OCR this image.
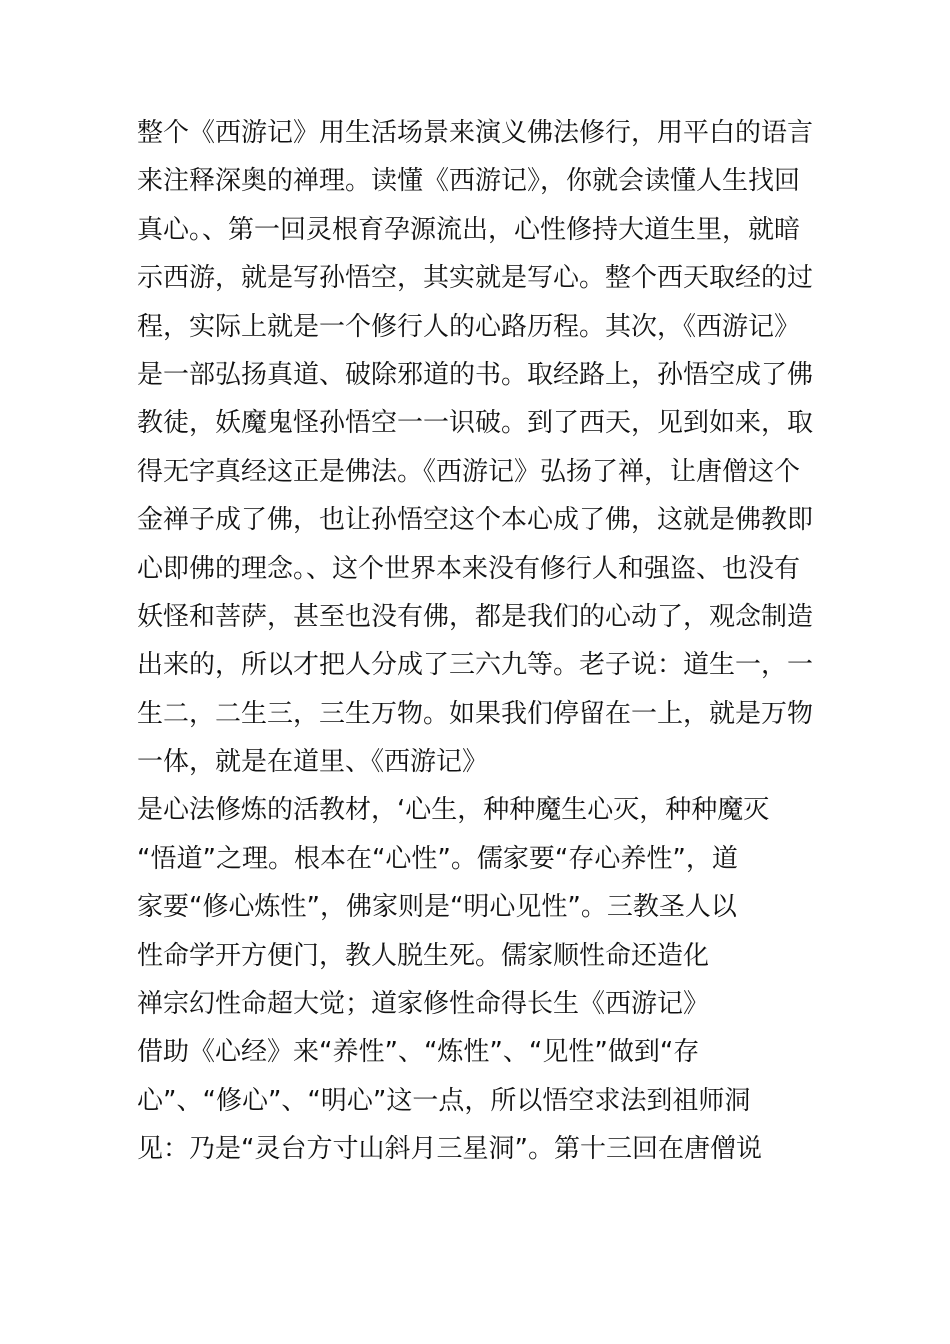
整个《西游记》用生活场景来演义佛法修行，用平白的语言
来注释深奥的禅理。读懂《西游记》，你就会读懂人生找回
真心。、第一回灵根育孕源流出，心性修持大道生里，就暗
示西游，就是写孙悟空，其实就是写心。整个西天取经的过
程，实际上就是一个修行人的心路历程。其次，《西游记》
是一部弘扬真道、破除邪道的书。取经路上，孙悟空成了佛
教徒，妖魔鬼怪孙悟空一一识破。到了西天，见到如来，取
得无字真经这正是佛法。《西游记》弘扬了禅，让唐僧这个
金禅子成了佛，也让孙悟空这个本心成了佛，这就是佛教即
心即佛的理念。、这个世界本来没有修行人和强盗、也没有
妖怪和菩萨，甚至也没有佛，都是我们的心动了，观念制造
出来的，所以才把人分成了三六九等。老子说：道生一，一
生二，二生三，三生万物。如果我们停留在一上，就是万物
一体，就是在道里、《西游记》
是心法修炼的活教材，‘心生，种种魔生心灭，种种魔灭
“悟道”之理。根本在“心性”。儒家要“存心养性”，道
家要“修心炼性”，佛家则是“明心见性”。三教圣人以
性命学开方便门，教人脱生死。儒家顺性命还造化
禅宗幻性命超大觉；道家修性命得长生《西游记》
借助《心经》来“养性”、“炼性”、“见性”做到“存
心”、“修心”、“明心”这一点，所以悟空求法到祖师洞
见：乃是“灵台方寸山斜月三星洞”。第十三回在唐僧说
